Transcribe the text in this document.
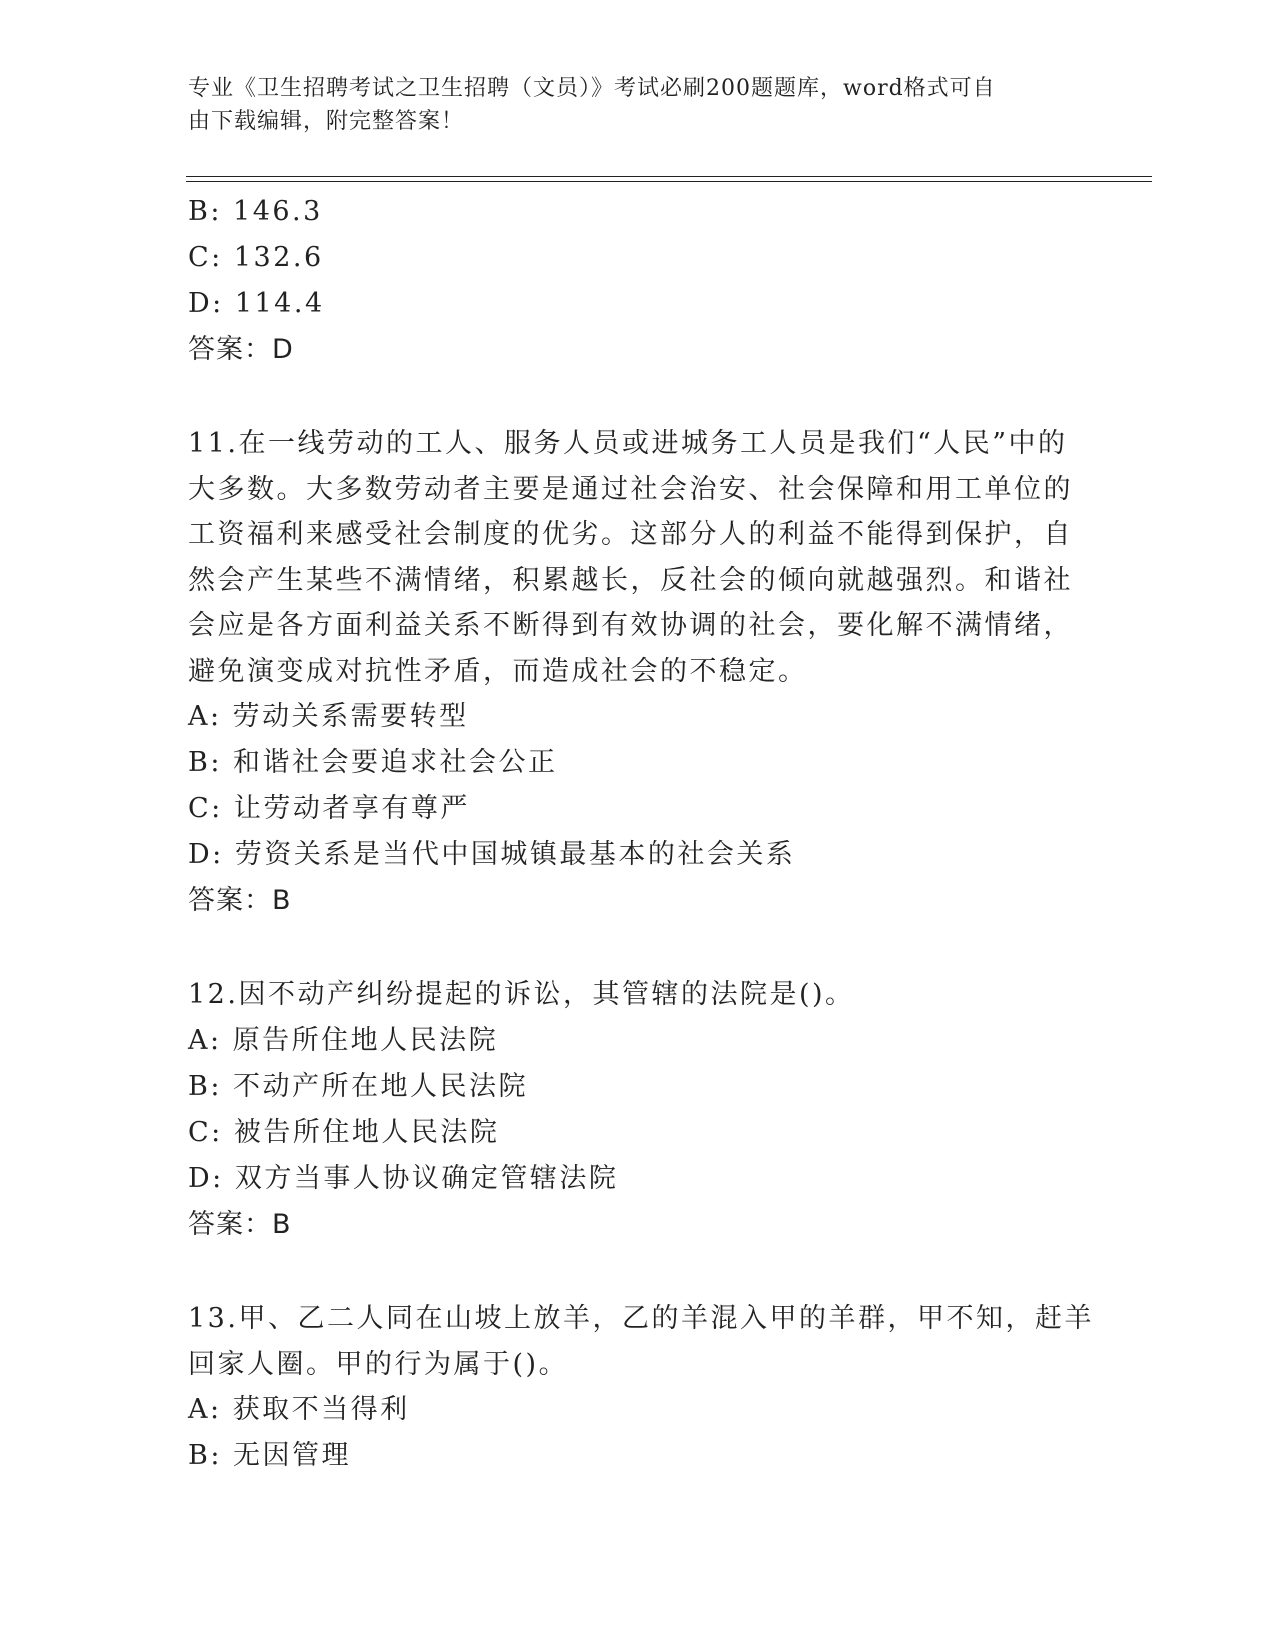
专业《卫生招聘考试之卫生招聘（文员）》考试必刷200题题库，word格式可自
由下载编辑，附完整答案！
B: 146.3
C: 132.6
D: 114.4
答案：D
11.在一线劳动的工人、服务人员或进城务工人员是我们“人民”中的
大多数。大多数劳动者主要是通过社会治安、社会保障和用工单位的
工资福利来感受社会制度的优劣。这部分人的利益不能得到保护，自
然会产生某些不满情绪，积累越长，反社会的倾向就越强烈。和谐社
会应是各方面利益关系不断得到有效协调的社会，要化解不满情绪，
避免演变成对抗性矛盾，而造成社会的不稳定。
A: 劳动关系需要转型
B: 和谐社会要追求社会公正
C: 让劳动者享有尊严
D: 劳资关系是当代中国城镇最基本的社会关系
答案：B
12.因不动产纠纷提起的诉讼，其管辖的法院是()。
A: 原告所住地人民法院
B: 不动产所在地人民法院
C: 被告所住地人民法院
D: 双方当事人协议确定管辖法院
答案：B
13.甲、乙二人同在山坡上放羊，乙的羊混入甲的羊群，甲不知，赶羊
回家人圈。甲的行为属于()。
A: 获取不当得利
B: 无因管理
